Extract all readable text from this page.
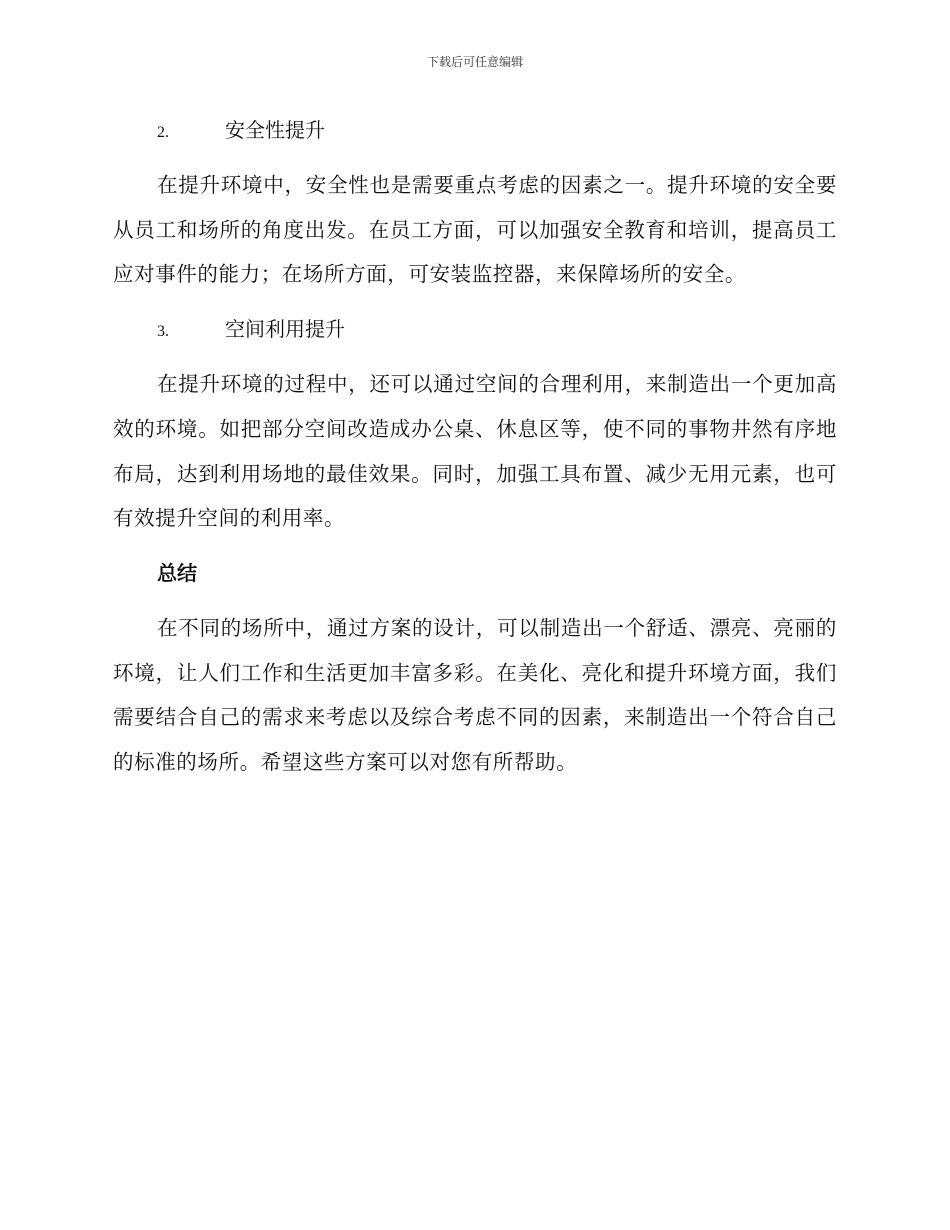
下载后可任意编辑
2.	安全性提升

在提升环境中，安全性也是需要重点考虑的因素之一。提升环境的安全要从员工和场所的角度出发。在员工方面，可以加强安全教育和培训，提高员工应对事件的能力；在场所方面，可安装监控器，来保障场所的安全。

3.	空间利用提升

在提升环境的过程中，还可以通过空间的合理利用，来制造出一个更加高效的环境。如把部分空间改造成办公桌、休息区等，使不同的事物井然有序地布局，达到利用场地的最佳效果。同时，加强工具布置、减少无用元素，也可有效提升空间的利用率。

总结

在不同的场所中，通过方案的设计，可以制造出一个舒适、漂亮、亮丽的环境，让人们工作和生活更加丰富多彩。在美化、亮化和提升环境方面，我们需要结合自己的需求来考虑以及综合考虑不同的因素，来制造出一个符合自己的标准的场所。希望这些方案可以对您有所帮助。
